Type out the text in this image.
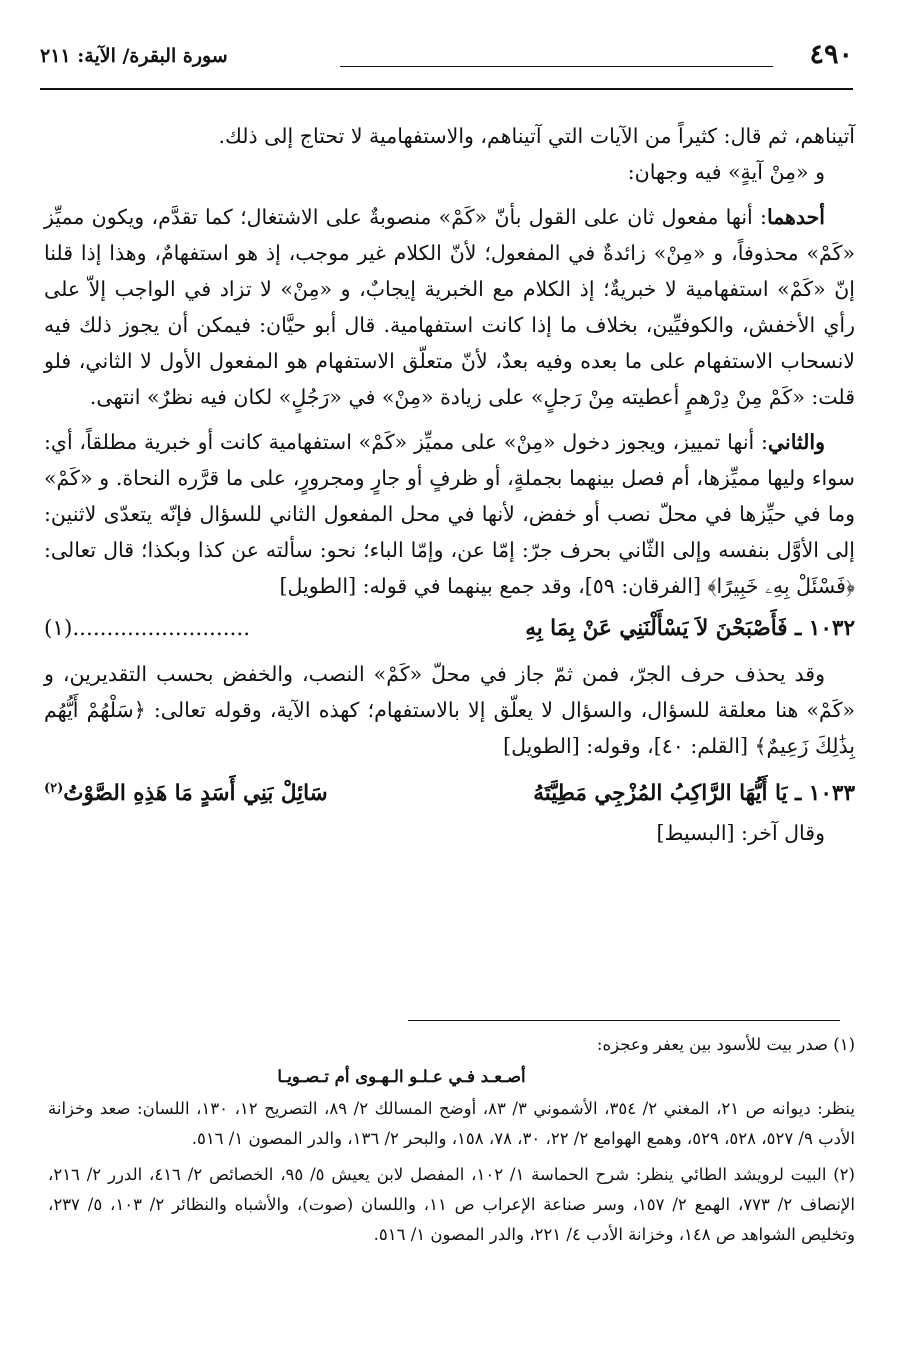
٤٩٠
سورة البقرة/ الآية: ٢١١

آتيناهم، ثم قال: كثيراً من الآيات التي آتيناهم، والاستفهامية لا تحتاج إلى ذلك.

و «مِنْ آيةٍ» فيه وجهان:

أحدهما: أنها مفعول ثان على القول بأنّ «كَمْ» منصوبةٌ على الاشتغال؛ كما تقدَّم، ويكون مميِّز «كَمْ» محذوفاً، و «مِنْ» زائدةٌ في المفعول؛ لأنّ الكلام غير موجب، إذ هو استفهامٌ، وهذا إذا قلنا إنّ «كَمْ» استفهامية لا خبريةٌ؛ إذ الكلام مع الخبرية إيجابٌ، و «مِنْ» لا تزاد في الواجب إلاّ على رأي الأخفش، والكوفيِّين، بخلاف ما إذا كانت استفهامية. قال أبو حيَّان: فيمكن أن يجوز ذلك فيه لانسحاب الاستفهام على ما بعده وفيه بعدٌ، لأنّ متعلّق الاستفهام هو المفعول الأول لا الثاني، فلو قلت: «كَمْ مِنْ دِرْهمٍ أعطيته مِنْ رَجلٍ» على زيادة «مِنْ» في «رَجُلٍ» لكان فيه نظرٌ» انتهى.

والثاني: أنها تمييز، ويجوز دخول «مِنْ» على مميِّز «كَمْ» استفهامية كانت أو خبرية مطلقاً، أي: سواء وليها مميِّزها، أم فصل بينهما بجملةٍ، أو ظرفٍ أو جارٍ ومجرورٍ، على ما قرَّره النحاة. و «كَمْ» وما في حيِّزها في محلّ نصب أو خفض، لأنها في محل المفعول الثاني للسؤال فإنّه يتعدّى لاثنين: إلى الأوَّل بنفسه وإلى الثّاني بحرف جرّ: إمّا عن، وإمّا الباء؛ نحو: سألته عن كذا وبكذا؛ قال تعالى: ﴿فَسْئَلْ بِهِۦ خَبِيرًا﴾ [الفرقان: ٥٩]، وقد جمع بينهما في قوله: [الطويل]

١٠٣٢ ـ فَأَصْبَحْنَ لاَ يَسْأَلْنَنِي عَنْ بِمَا بِهِ
(١)..........................

وقد يحذف حرف الجرّ، فمن ثمّ جاز في محلّ «كَمْ» النصب، والخفض بحسب التقديرين، و «كَمْ» هنا معلقة للسؤال، والسؤال لا يعلّق إلا بالاستفهام؛ كهذه الآية، وقوله تعالى: ﴿سَلْهُمْ أَيُّهُم بِذَٰلِكَ زَعِيمٌ﴾ [القلم: ٤٠]، وقوله: [الطويل]

١٠٣٣ ـ يَا أَيُّهَا الرَّاكِبُ المُزْجِي مَطِيَّتَهُ
سَائِلْ بَنِي أَسَدٍ مَا هَذِهِ الصَّوْتُ$^{(٢)}$

وقال آخر: [البسيط]

(١) صدر بيت للأسود بين يعفر وعجزه:

أصـعـد فـي عـلـو الـهـوى أم تـصـويـا

ينظر: ديوانه ص ٢١، المغني ٢/ ٣٥٤، الأشموني ٣/ ٨٣، أوضح المسالك ٢/ ٨٩، التصريح ١٢، ١٣٠، اللسان: صعد وخزانة الأدب ٩/ ٥٢٧، ٥٢٨، ٥٢٩، وهمع الهوامع ٢/ ٢٢، ٣٠، ٧٨، ١٥٨، والبحر ٢/ ١٣٦، والدر المصون ١/ ٥١٦.

(٢) البيت لرويشد الطائي ينظر: شرح الحماسة ١/ ١٠٢، المفصل لابن يعيش ٥/ ٩٥، الخصائص ٢/ ٤١٦، الدرر ٢/ ٢١٦، الإنصاف ٢/ ٧٧٣، الهمع ٢/ ١٥٧، وسر صناعة الإعراب ص ١١، واللسان (صوت)، والأشباه والنظائر ٢/ ١٠٣، ٥/ ٢٣٧، وتخليص الشواهد ص ١٤٨، وخزانة الأدب ٤/ ٢٢١، والدر المصون ١/ ٥١٦.
